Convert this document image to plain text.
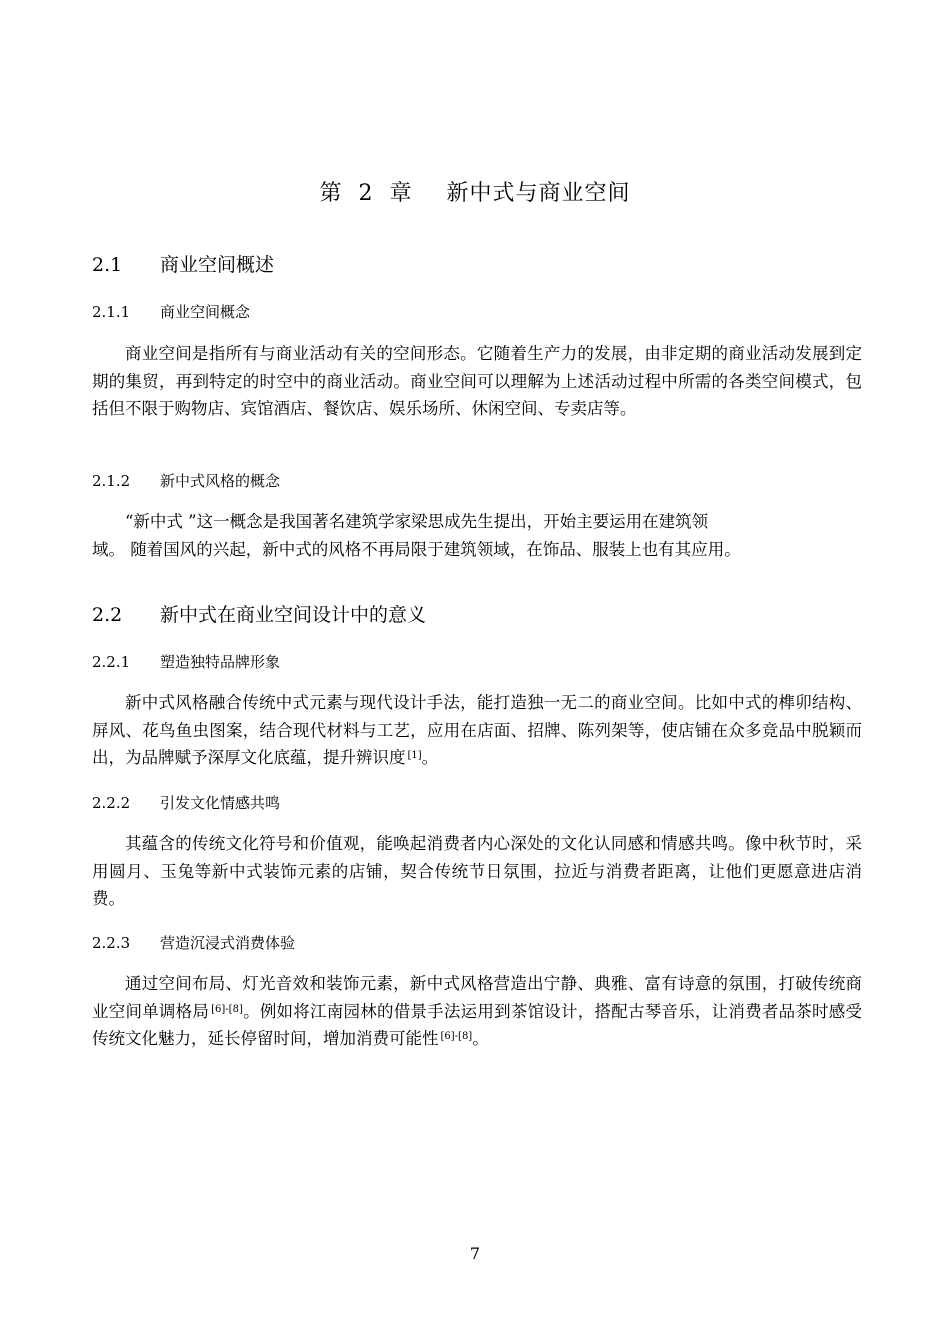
第 2 章 新中式与商业空间
2.1 商业空间概述
2.1.1 商业空间概念
商业空间是指所有与商业活动有关的空间形态。它随着生产力的发展，由非定期的商业活动发展到定期的集贸，再到特定的时空中的商业活动。商业空间可以理解为上述活动过程中所需的各类空间模式，包括但不限于购物店、宾馆酒店、餐饮店、娱乐场所、休闲空间、专卖店等。
2.1.2 新中式风格的概念
“新中式 ”这一概念是我国著名建筑学家梁思成先生提出，开始主要运用在建筑领
域。 随着国风的兴起，新中式的风格不再局限于建筑领域，在饰品、服装上也有其应用。
2.2 新中式在商业空间设计中的意义
2.2.1 塑造独特品牌形象
新中式风格融合传统中式元素与现代设计手法，能打造独一无二的商业空间。比如中式的榫卯结构、屏风、花鸟鱼虫图案，结合现代材料与工艺，应用在店面、招牌、陈列架等，使店铺在众多竞品中脱颖而出，为品牌赋予深厚文化底蕴，提升辨识度 [1]。
2.2.2 引发文化情感共鸣
其蕴含的传统文化符号和价值观，能唤起消费者内心深处的文化认同感和情感共鸣。像中秋节时，采用圆月、玉兔等新中式装饰元素的店铺，契合传统节日氛围，拉近与消费者距离，让他们更愿意进店消费。
2.2.3 营造沉浸式消费体验
通过空间布局、灯光音效和装饰元素，新中式风格营造出宁静、典雅、富有诗意的氛围，打破传统商业空间单调格局 [6]-[8]。例如将江南园林的借景手法运用到茶馆设计，搭配古琴音乐，让消费者品茶时感受传统文化魅力，延长停留时间，增加消费可能性 [6]-[8]。
7
